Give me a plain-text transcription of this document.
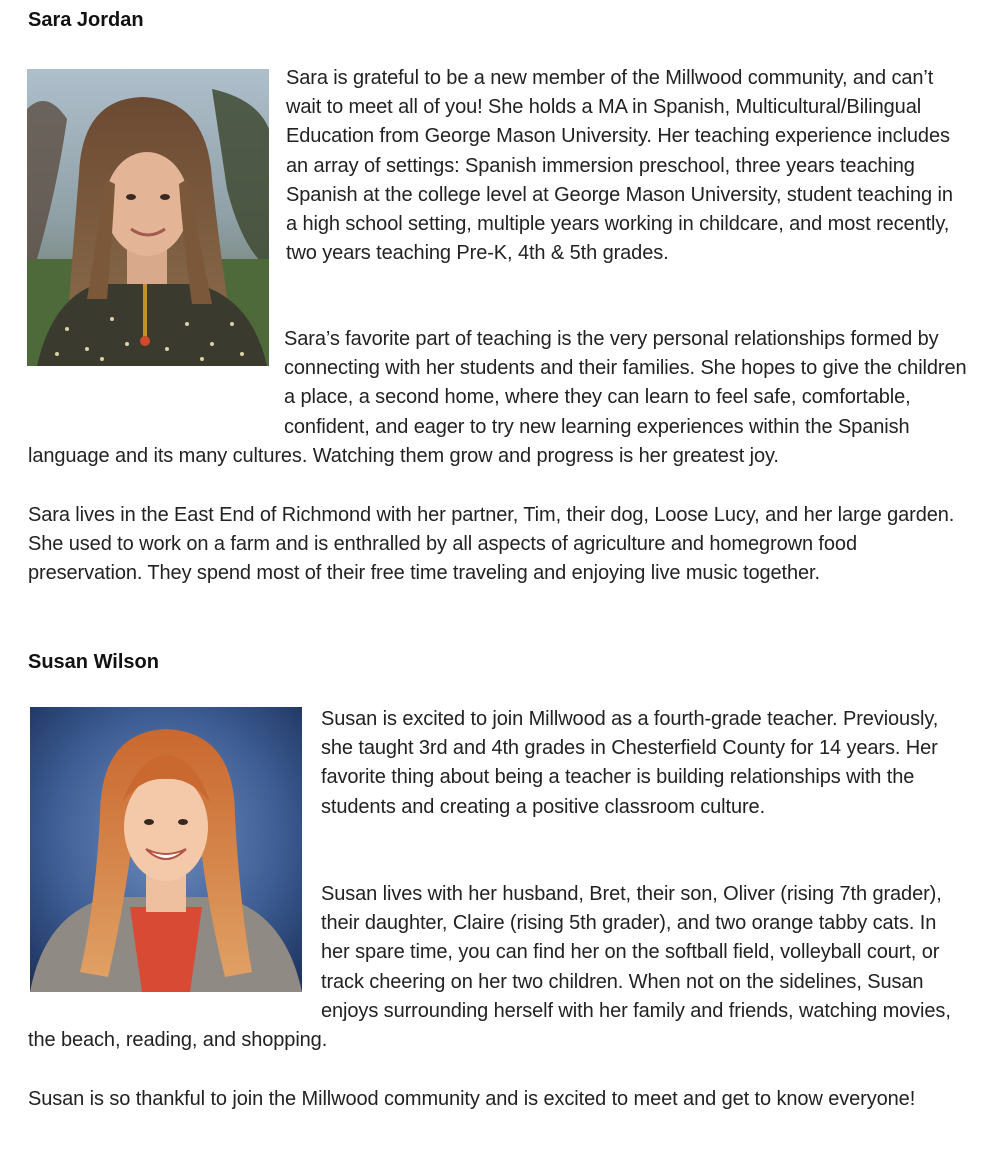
Sara Jordan

Sara is grateful to be a new member of the Millwood community, and can’t wait to meet all of you! She holds a MA in Spanish, Multicultural/Bilingual Education from George Mason University. Her teaching experience includes an array of settings: Spanish immersion preschool, three years teaching Spanish at the college level at George Mason University, student teaching in a high school setting, multiple years working in childcare, and most recently, two years teaching Pre-K, 4th & 5th grades.

Sara’s favorite part of teaching is the very personal relationships formed by connecting with her students and their families. She hopes to give the children a place, a second home, where they can learn to feel safe, comfortable, confident, and eager to try new learning experiences within the Spanish language and its many cultures. Watching them grow and progress is her greatest joy.

Sara lives in the East End of Richmond with her partner, Tim, their dog, Loose Lucy, and her large garden. She used to work on a farm and is enthralled by all aspects of agriculture and homegrown food preservation. They spend most of their free time traveling and enjoying live music together.

Susan Wilson

Susan is excited to join Millwood as a fourth-grade teacher. Previously, she taught 3rd and 4th grades in Chesterfield County for 14 years. Her favorite thing about being a teacher is building relationships with the students and creating a positive classroom culture.

Susan lives with her husband, Bret, their son, Oliver (rising 7th grader), their daughter, Claire (rising 5th grader), and two orange tabby cats. In her spare time, you can find her on the softball field, volleyball court, or track cheering on her two children. When not on the sidelines, Susan enjoys surrounding herself with her family and friends, watching movies, the beach, reading, and shopping.

Susan is so thankful to join the Millwood community and is excited to meet and get to know everyone!
